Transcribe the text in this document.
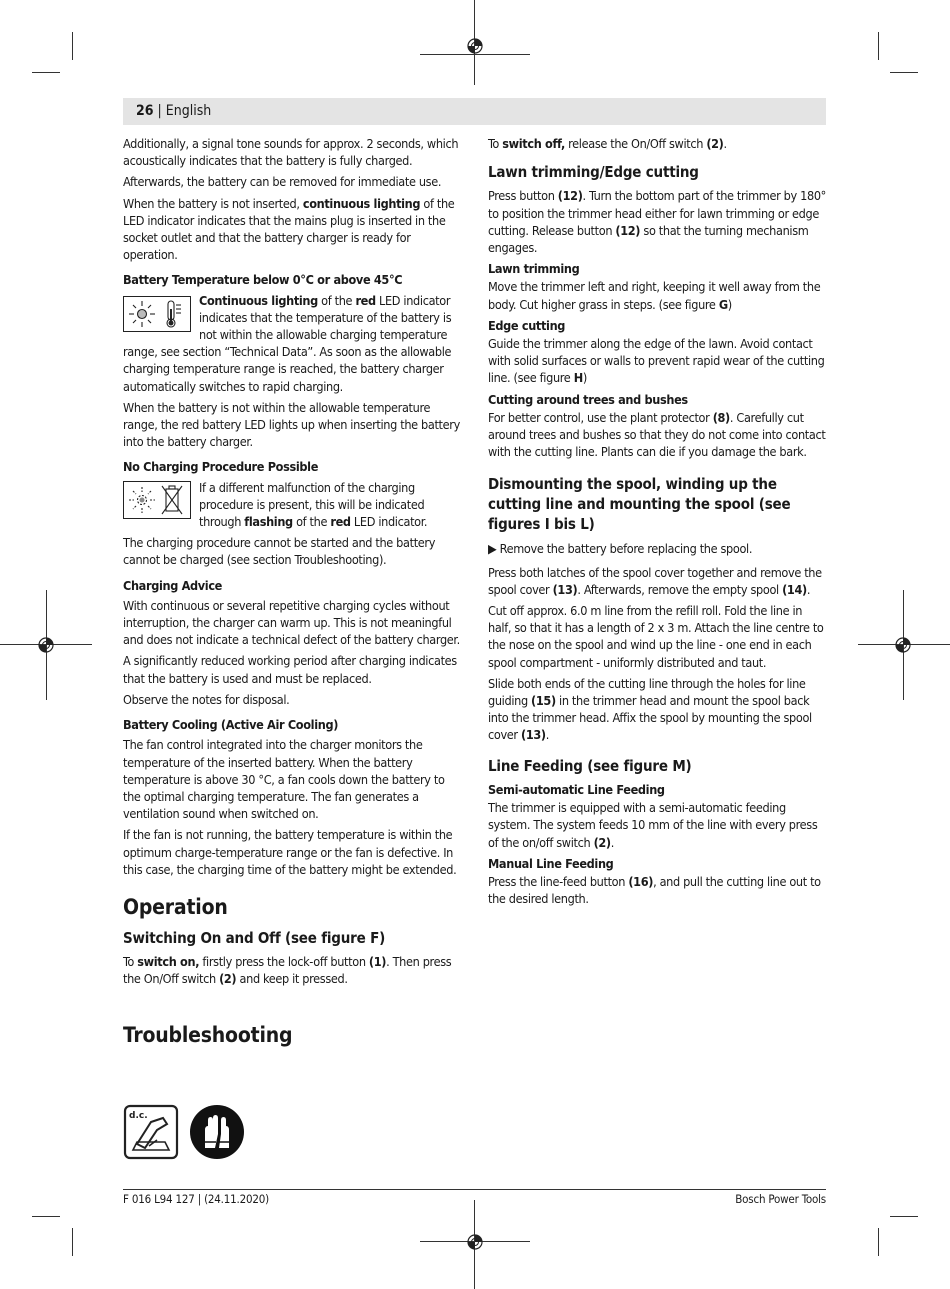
26 | English

Additionally, a signal tone sounds for approx. 2 seconds, which acoustically indicates that the battery is fully charged.

Afterwards, the battery can be removed for immediate use.

When the battery is not inserted, continuous lighting of the LED indicator indicates that the mains plug is inserted in the socket outlet and that the battery charger is ready for operation.

Battery Temperature below 0°C or above 45°C

Continuous lighting of the red LED indicator indicates that the temperature of the battery is not within the allowable charging temperature range, see section “Technical Data”. As soon as the allowable charging temperature range is reached, the battery charger automatically switches to rapid charging.

When the battery is not within the allowable temperature range, the red battery LED lights up when inserting the battery into the battery charger.

No Charging Procedure Possible

If a different malfunction of the charging procedure is present, this will be indicated through flashing of the red LED indicator.

The charging procedure cannot be started and the battery cannot be charged (see section Troubleshooting).

Charging Advice

With continuous or several repetitive charging cycles without interruption, the charger can warm up. This is not meaningful and does not indicate a technical defect of the battery charger.

A significantly reduced working period after charging indicates that the battery is used and must be replaced.

Observe the notes for disposal.

Battery Cooling (Active Air Cooling)

The fan control integrated into the charger monitors the temperature of the inserted battery. When the battery temperature is above 30 °C, a fan cools down the battery to the optimal charging temperature. The fan generates a ventilation sound when switched on.

If the fan is not running, the battery temperature is within the optimum charge-temperature range or the fan is defective. In this case, the charging time of the battery might be extended.

Operation
Switching On and Off (see figure F)

To switch on, firstly press the lock-off button (1). Then press the On/Off switch (2) and keep it pressed.

Troubleshooting
d.c.

To switch off, release the On/Off switch (2).

Lawn trimming/Edge cutting

Press button (12). Turn the bottom part of the trimmer by 180° to position the trimmer head either for lawn trimming or edge cutting. Release button (12) so that the turning mechanism engages.

Lawn trimming

Move the trimmer left and right, keeping it well away from the body. Cut higher grass in steps. (see figure G)

Edge cutting

Guide the trimmer along the edge of the lawn. Avoid contact with solid surfaces or walls to prevent rapid wear of the cutting line. (see figure H)

Cutting around trees and bushes

For better control, use the plant protector (8). Carefully cut around trees and bushes so that they do not come into contact with the cutting line. Plants can die if you damage the bark.

Dismounting the spool, winding up the cutting line and mounting the spool (see figures I bis L)

▶ Remove the battery before replacing the spool.

Press both latches of the spool cover together and remove the spool cover (13). Afterwards, remove the empty spool (14).

Cut off approx. 6.0 m line from the refill roll. Fold the line in half, so that it has a length of 2 x 3 m. Attach the line centre to the nose on the spool and wind up the line - one end in each spool compartment - uniformly distributed and taut.

Slide both ends of the cutting line through the holes for line guiding (15) in the trimmer head and mount the spool back into the trimmer head. Affix the spool by mounting the spool cover (13).

Line Feeding (see figure M)
Semi-automatic Line Feeding

The trimmer is equipped with a semi-automatic feeding system. The system feeds 10 mm of the line with every press of the on/off switch (2).

Manual Line Feeding

Press the line-feed button (16), and pull the cutting line out to the desired length.

F 016 L94 127 | (24.11.2020)	Bosch Power Tools
